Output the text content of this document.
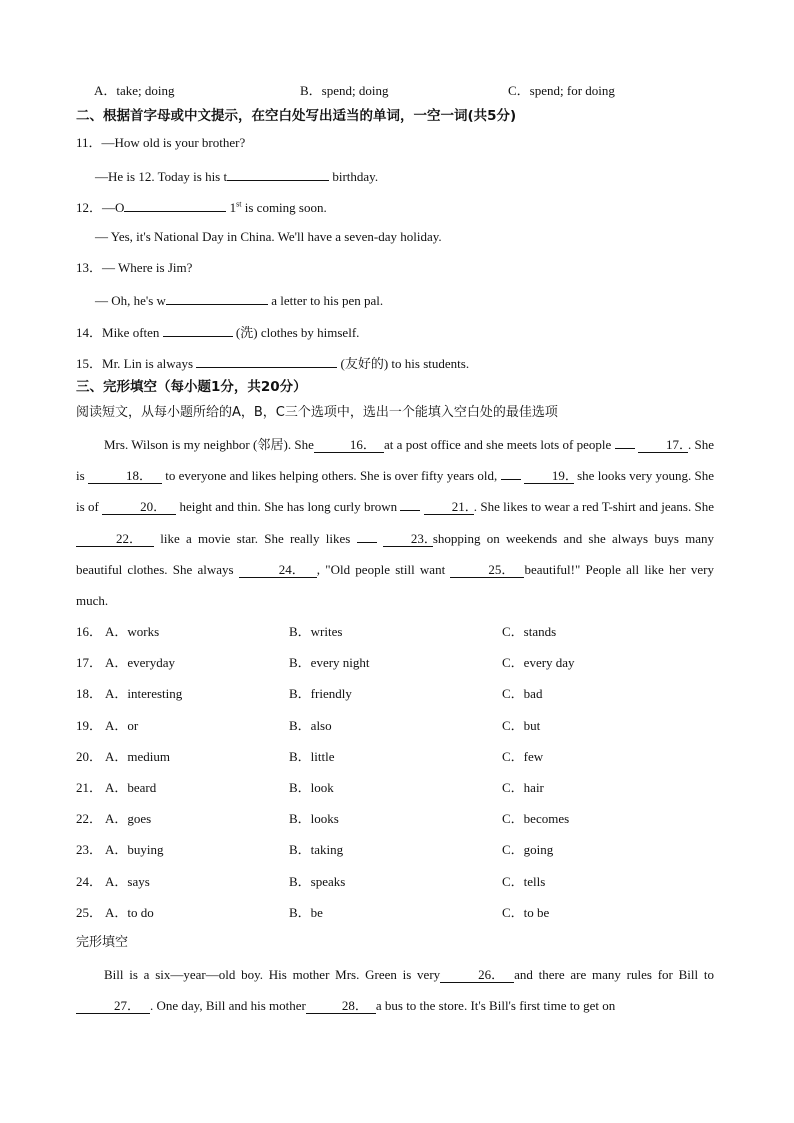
A．take; doing	B．spend; doing	C．spend; for doing
二、根据首字母或中文提示，在空白处写出适当的单词，一空一词(共5分)
11．—How old is your brother?
—He is 12. Today is his t	birthday.
12．—O	1st is coming soon.
— Yes, it's National Day in China. We'll have a seven-day holiday.
13．— Where is Jim?
— Oh, he's w	a letter to his pen pal.
14．Mike often	(洗) clothes by himself.
15．Mr. Lin is always	(友好的) to his students.
三、完形填空（每小题1分，共20分）
阅读短文，从每小题所给的A，B，C三个选项中，选出一个能填入空白处的最佳选项
Mrs. Wilson is my neighbor (邻居). She	16． at a post office and she meets lots of people	17．. She is	18． to everyone and likes helping others. She is over fifty years old,	19． she looks very young. She is of	20． height and thin. She has long curly brown	21．. She likes to wear a red T-shirt and jeans. She 22． like a movie star. She really likes	23．shopping on weekends and she always buys many beautiful clothes. She always	24． , "Old people still want	25． beautiful!" People all like her very much.
16． A．works	B．writes	C．stands
17． A．everyday	B．every night	C．every day
18． A．interesting	B．friendly	C．bad
19． A．or	B．also	C．but
20． A．medium	B．little	C．few
21． A．beard	B．look	C．hair
22． A．goes	B．looks	C．becomes
23． A．buying	B．taking	C．going
24． A．says	B．speaks	C．tells
25． A．to do	B．be	C．to be
完形填空
Bill is a six—year—old boy. His mother Mrs. Green is very	26． and there are many rules for Bill to 27． . One day, Bill and his mother	28． a bus to the store. It's Bill's first time to get on
